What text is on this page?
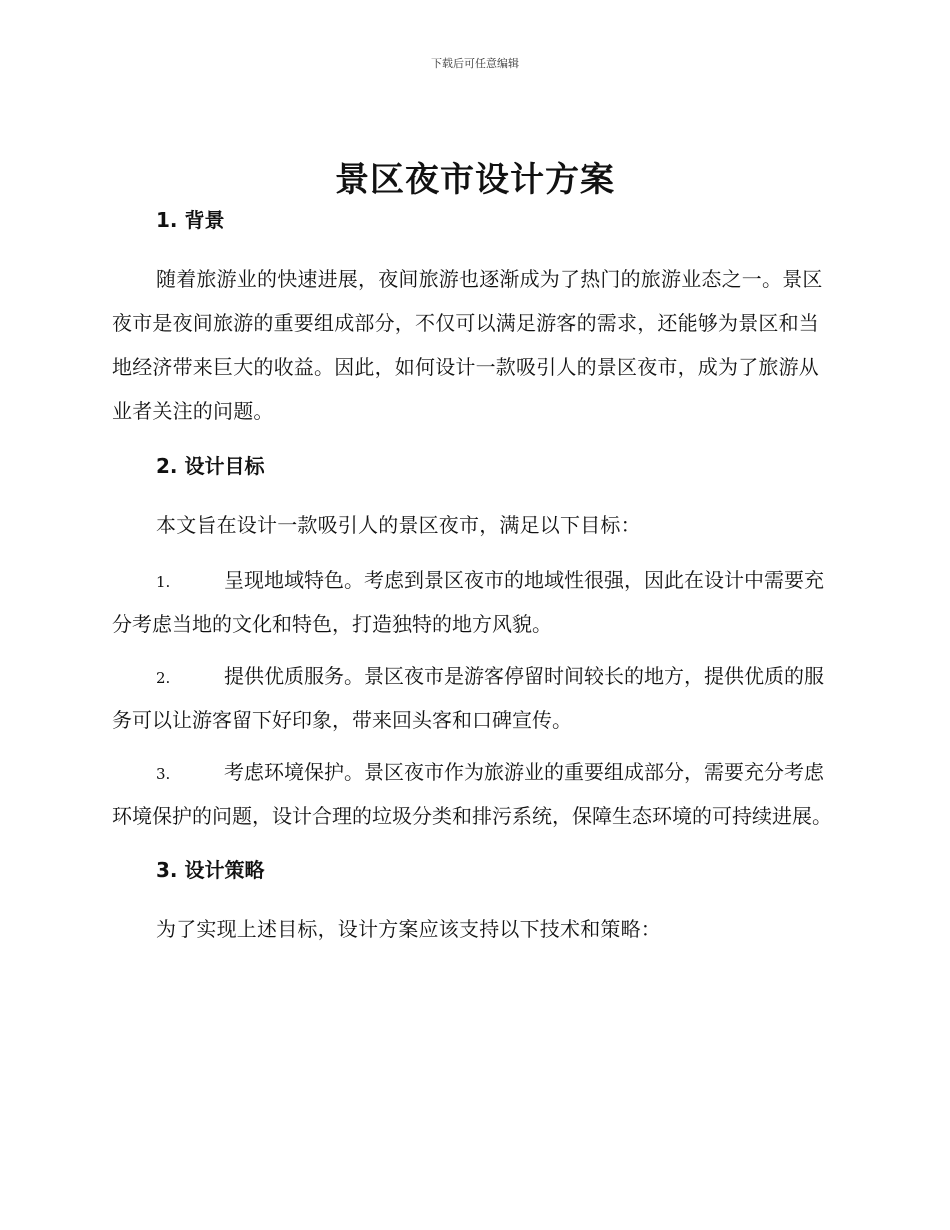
下载后可任意编辑
景区夜市设计方案
1. 背景

随着旅游业的快速进展，夜间旅游也逐渐成为了热门的旅游业态之一。景区夜市是夜间旅游的重要组成部分，不仅可以满足游客的需求，还能够为景区和当地经济带来巨大的收益。因此，如何设计一款吸引人的景区夜市，成为了旅游从业者关注的问题。

2. 设计目标

本文旨在设计一款吸引人的景区夜市，满足以下目标：

1.	呈现地域特色。考虑到景区夜市的地域性很强，因此在设计中需要充分考虑当地的文化和特色，打造独特的地方风貌。
2.	提供优质服务。景区夜市是游客停留时间较长的地方，提供优质的服务可以让游客留下好印象，带来回头客和口碑宣传。
3.	考虑环境保护。景区夜市作为旅游业的重要组成部分，需要充分考虑环境保护的问题，设计合理的垃圾分类和排污系统，保障生态环境的可持续进展。
3. 设计策略

为了实现上述目标，设计方案应该支持以下技术和策略：
